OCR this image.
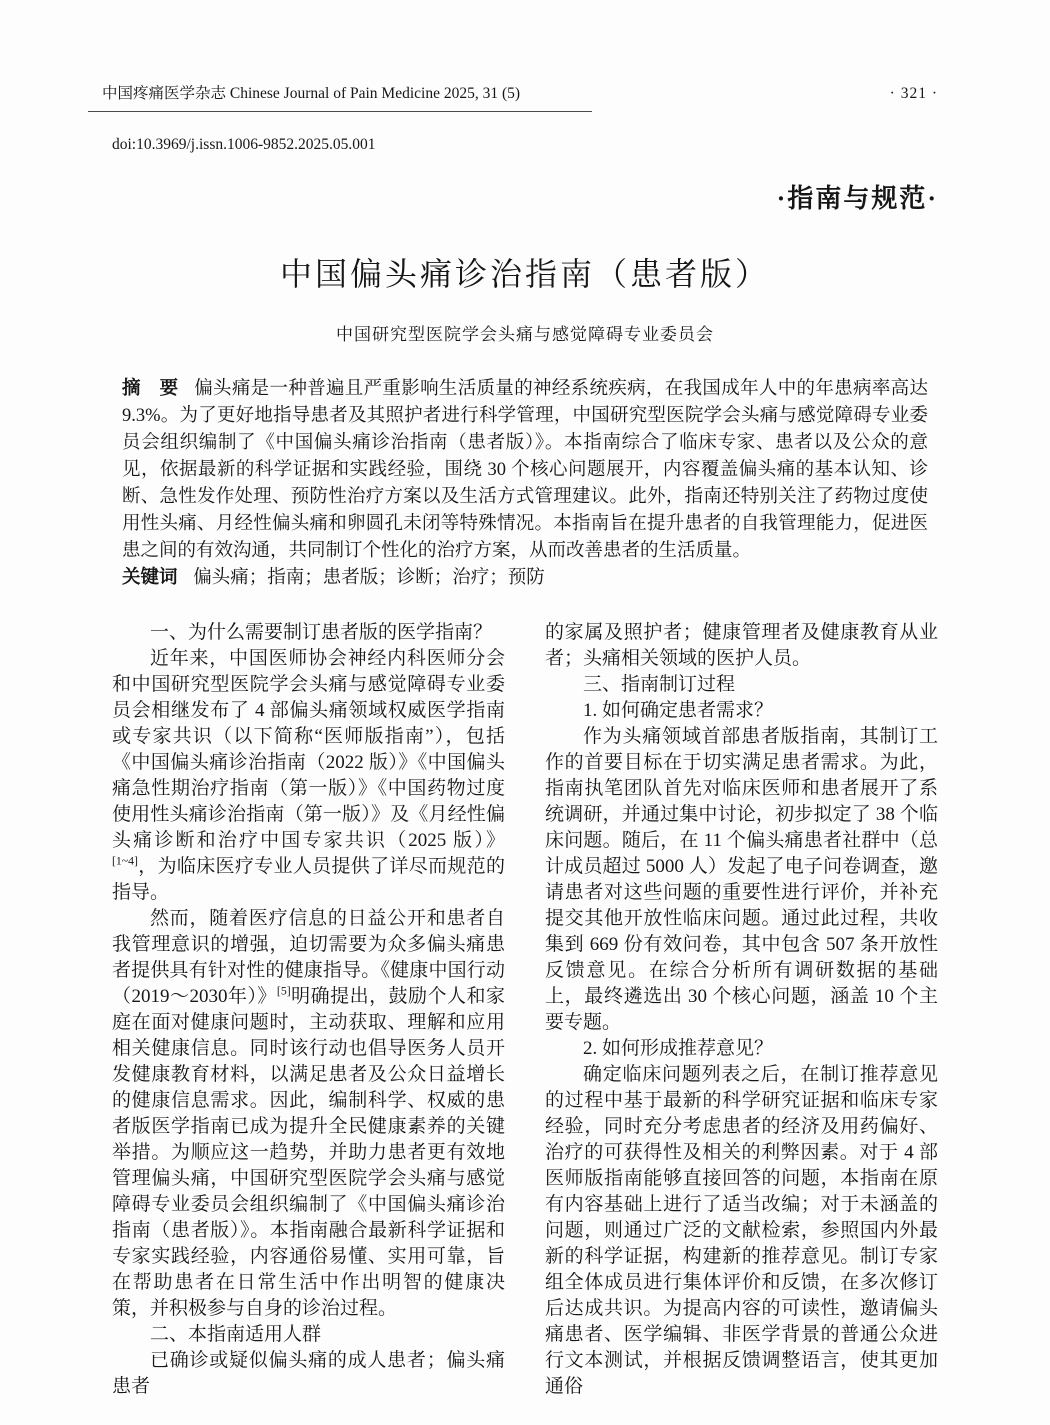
中国疼痛医学杂志 Chinese Journal of Pain Medicine 2025, 31 (5)	· 321 ·
doi:10.3969/j.issn.1006-9852.2025.05.001
·指南与规范·
中国偏头痛诊治指南（患者版）
中国研究型医院学会头痛与感觉障碍专业委员会

摘　要 偏头痛是一种普遍且严重影响生活质量的神经系统疾病，在我国成年人中的年患病率高达 9.3%。为了更好地指导患者及其照护者进行科学管理，中国研究型医院学会头痛与感觉障碍专业委员会组织编制了《中国偏头痛诊治指南（患者版）》。本指南综合了临床专家、患者以及公众的意见，依据最新的科学证据和实践经验，围绕 30 个核心问题展开，内容覆盖偏头痛的基本认知、诊断、急性发作处理、预防性治疗方案以及生活方式管理建议。此外，指南还特别关注了药物过度使用性头痛、月经性偏头痛和卵圆孔未闭等特殊情况。本指南旨在提升患者的自我管理能力，促进医患之间的有效沟通，共同制订个性化的治疗方案，从而改善患者的生活质量。

关键词 偏头痛；指南；患者版；诊断；治疗；预防

一、为什么需要制订患者版的医学指南？

近年来，中国医师协会神经内科医师分会和中国研究型医院学会头痛与感觉障碍专业委员会相继发布了 4 部偏头痛领域权威医学指南或专家共识（以下简称“医师版指南”），包括《中国偏头痛诊治指南（2022 版）》《中国偏头痛急性期治疗指南（第一版）》《中国药物过度使用性头痛诊治指南（第一版）》及《月经性偏头痛诊断和治疗中国专家共识（2025 版）》[1~4]，为临床医疗专业人员提供了详尽而规范的指导。

然而，随着医疗信息的日益公开和患者自我管理意识的增强，迫切需要为众多偏头痛患者提供具有针对性的健康指导。《健康中国行动（2019～2030年）》[5]明确提出，鼓励个人和家庭在面对健康问题时，主动获取、理解和应用相关健康信息。同时该行动也倡导医务人员开发健康教育材料，以满足患者及公众日益增长的健康信息需求。因此，编制科学、权威的患者版医学指南已成为提升全民健康素养的关键举措。为顺应这一趋势，并助力患者更有效地管理偏头痛，中国研究型医院学会头痛与感觉障碍专业委员会组织编制了《中国偏头痛诊治指南（患者版）》。本指南融合最新科学证据和专家实践经验，内容通俗易懂、实用可靠，旨在帮助患者在日常生活中作出明智的健康决策，并积极参与自身的诊治过程。

二、本指南适用人群

已确诊或疑似偏头痛的成人患者；偏头痛患者

的家属及照护者；健康管理者及健康教育从业者；头痛相关领域的医护人员。

三、指南制订过程

1. 如何确定患者需求？

作为头痛领域首部患者版指南，其制订工作的首要目标在于切实满足患者需求。为此，指南执笔团队首先对临床医师和患者展开了系统调研，并通过集中讨论，初步拟定了 38 个临床问题。随后，在 11 个偏头痛患者社群中（总计成员超过 5000 人）发起了电子问卷调查，邀请患者对这些问题的重要性进行评价，并补充提交其他开放性临床问题。通过此过程，共收集到 669 份有效问卷，其中包含 507 条开放性反馈意见。在综合分析所有调研数据的基础上，最终遴选出 30 个核心问题，涵盖 10 个主要专题。

2. 如何形成推荐意见？

确定临床问题列表之后，在制订推荐意见的过程中基于最新的科学研究证据和临床专家经验，同时充分考虑患者的经济及用药偏好、治疗的可获得性及相关的利弊因素。对于 4 部医师版指南能够直接回答的问题，本指南在原有内容基础上进行了适当改编；对于未涵盖的问题，则通过广泛的文献检索，参照国内外最新的科学证据，构建新的推荐意见。制订专家组全体成员进行集体评价和反馈，在多次修订后达成共识。为提高内容的可读性，邀请偏头痛患者、医学编辑、非医学背景的普通公众进行文本测试，并根据反馈调整语言，使其更加通俗
